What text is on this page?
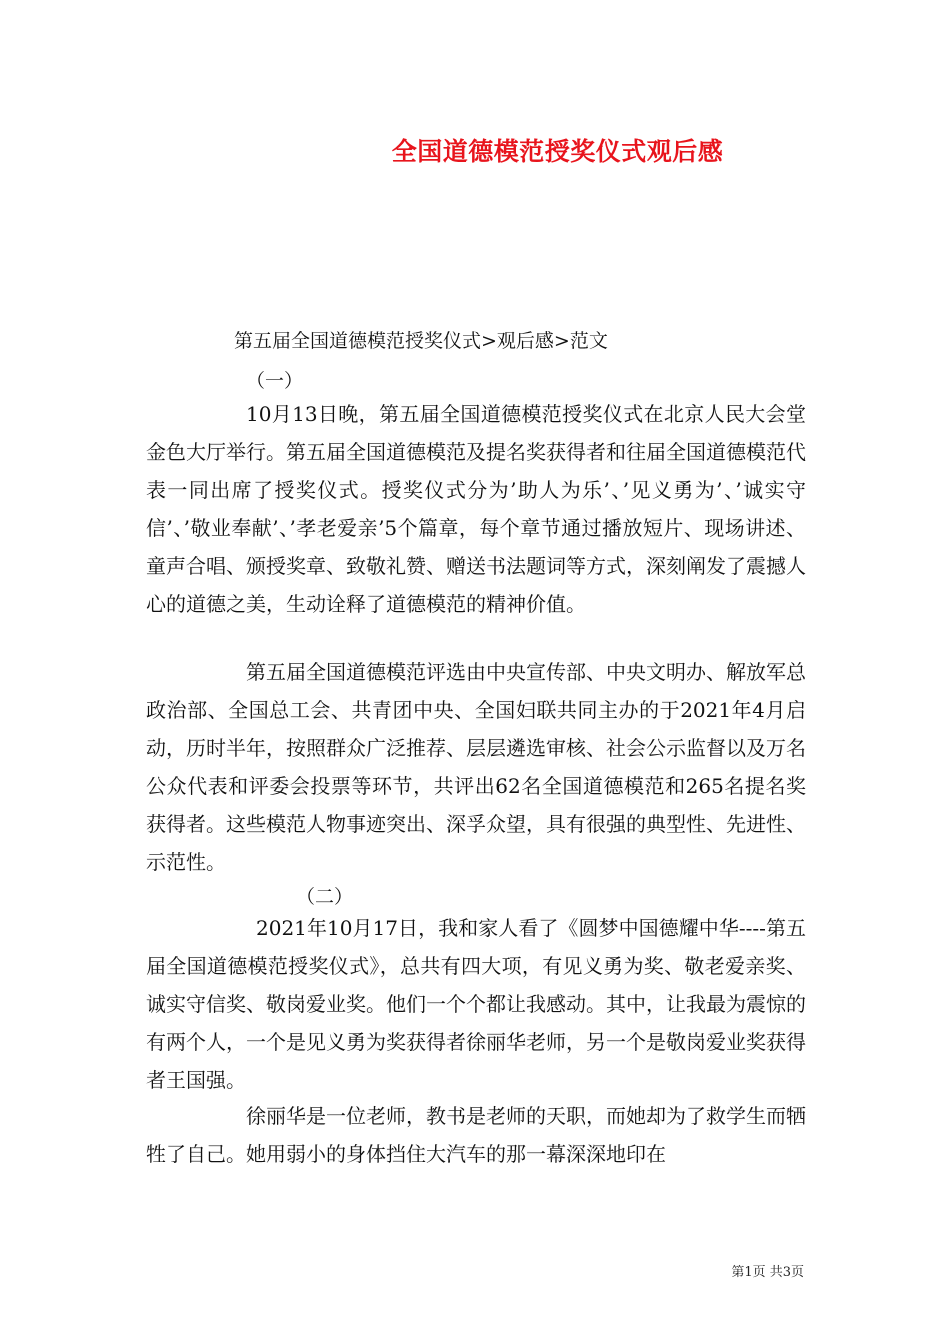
全国道德模范授奖仪式观后感
第五届全国道德模范授奖仪式>观后感>范文
（一）

10月13日晚，第五届全国道德模范授奖仪式在北京人民大会堂金色大厅举行。第五届全国道德模范及提名奖获得者和往届全国道德模范代表一同出席了授奖仪式。授奖仪式分为’助人为乐’、’见义勇为’、’诚实守信’、’敬业奉献’、’孝老爱亲’5个篇章，每个章节通过播放短片、现场讲述、童声合唱、颁授奖章、致敬礼赞、赠送书法题词等方式，深刻阐发了震撼人心的道德之美，生动诠释了道德模范的精神价值。

第五届全国道德模范评选由中央宣传部、中央文明办、解放军总政治部、全国总工会、共青团中央、全国妇联共同主办的于2021年4月启动，历时半年，按照群众广泛推荐、层层遴选审核、社会公示监督以及万名公众代表和评委会投票等环节，共评出62名全国道德模范和265名提名奖获得者。这些模范人物事迹突出、深孚众望，具有很强的典型性、先进性、示范性。

（二）

2021年10月17日，我和家人看了《圆梦中国德耀中华----第五届全国道德模范授奖仪式》，总共有四大项，有见义勇为奖、敬老爱亲奖、诚实守信奖、敬岗爱业奖。他们一个个都让我感动。其中，让我最为震惊的有两个人，一个是见义勇为奖获得者徐丽华老师，另一个是敬岗爱业奖获得者王国强。

徐丽华是一位老师，教书是老师的天职，而她却为了救学生而牺牲了自己。她用弱小的身体挡住大汽车的那一幕深深地印在

第1页 共3页
